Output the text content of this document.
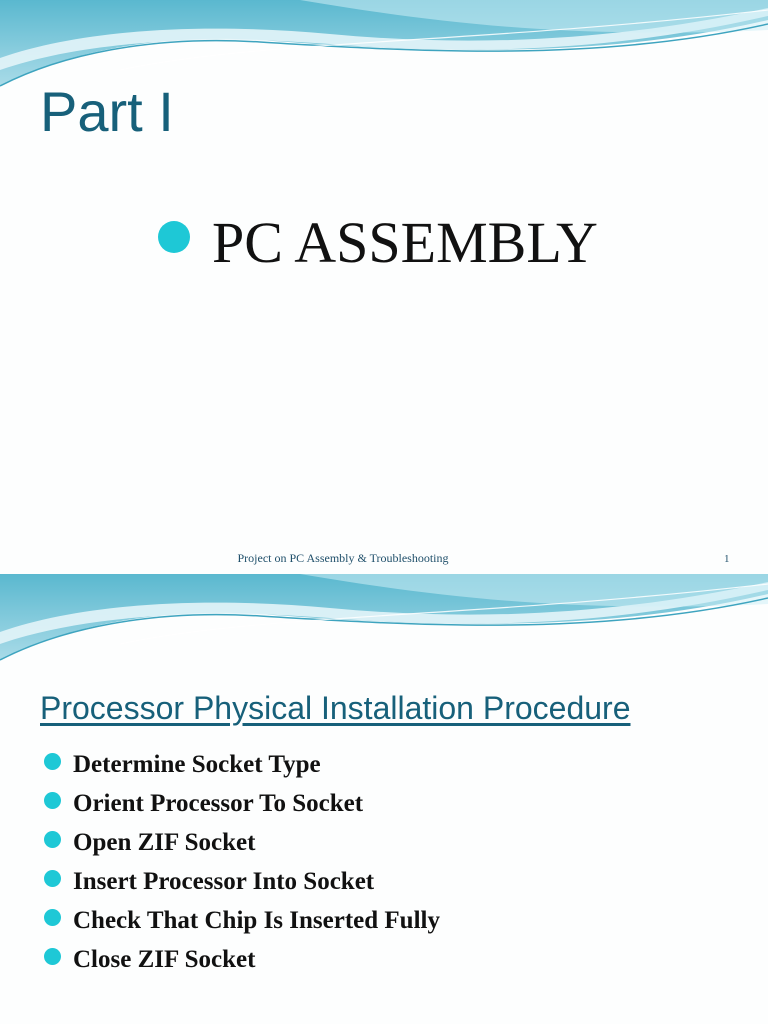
Part I
PC ASSEMBLY
Project on PC Assembly & Troubleshooting	1
Processor Physical Installation Procedure
Determine Socket Type
Orient Processor To Socket
Open ZIF Socket
Insert Processor Into Socket
Check That Chip Is Inserted Fully
Close ZIF Socket
